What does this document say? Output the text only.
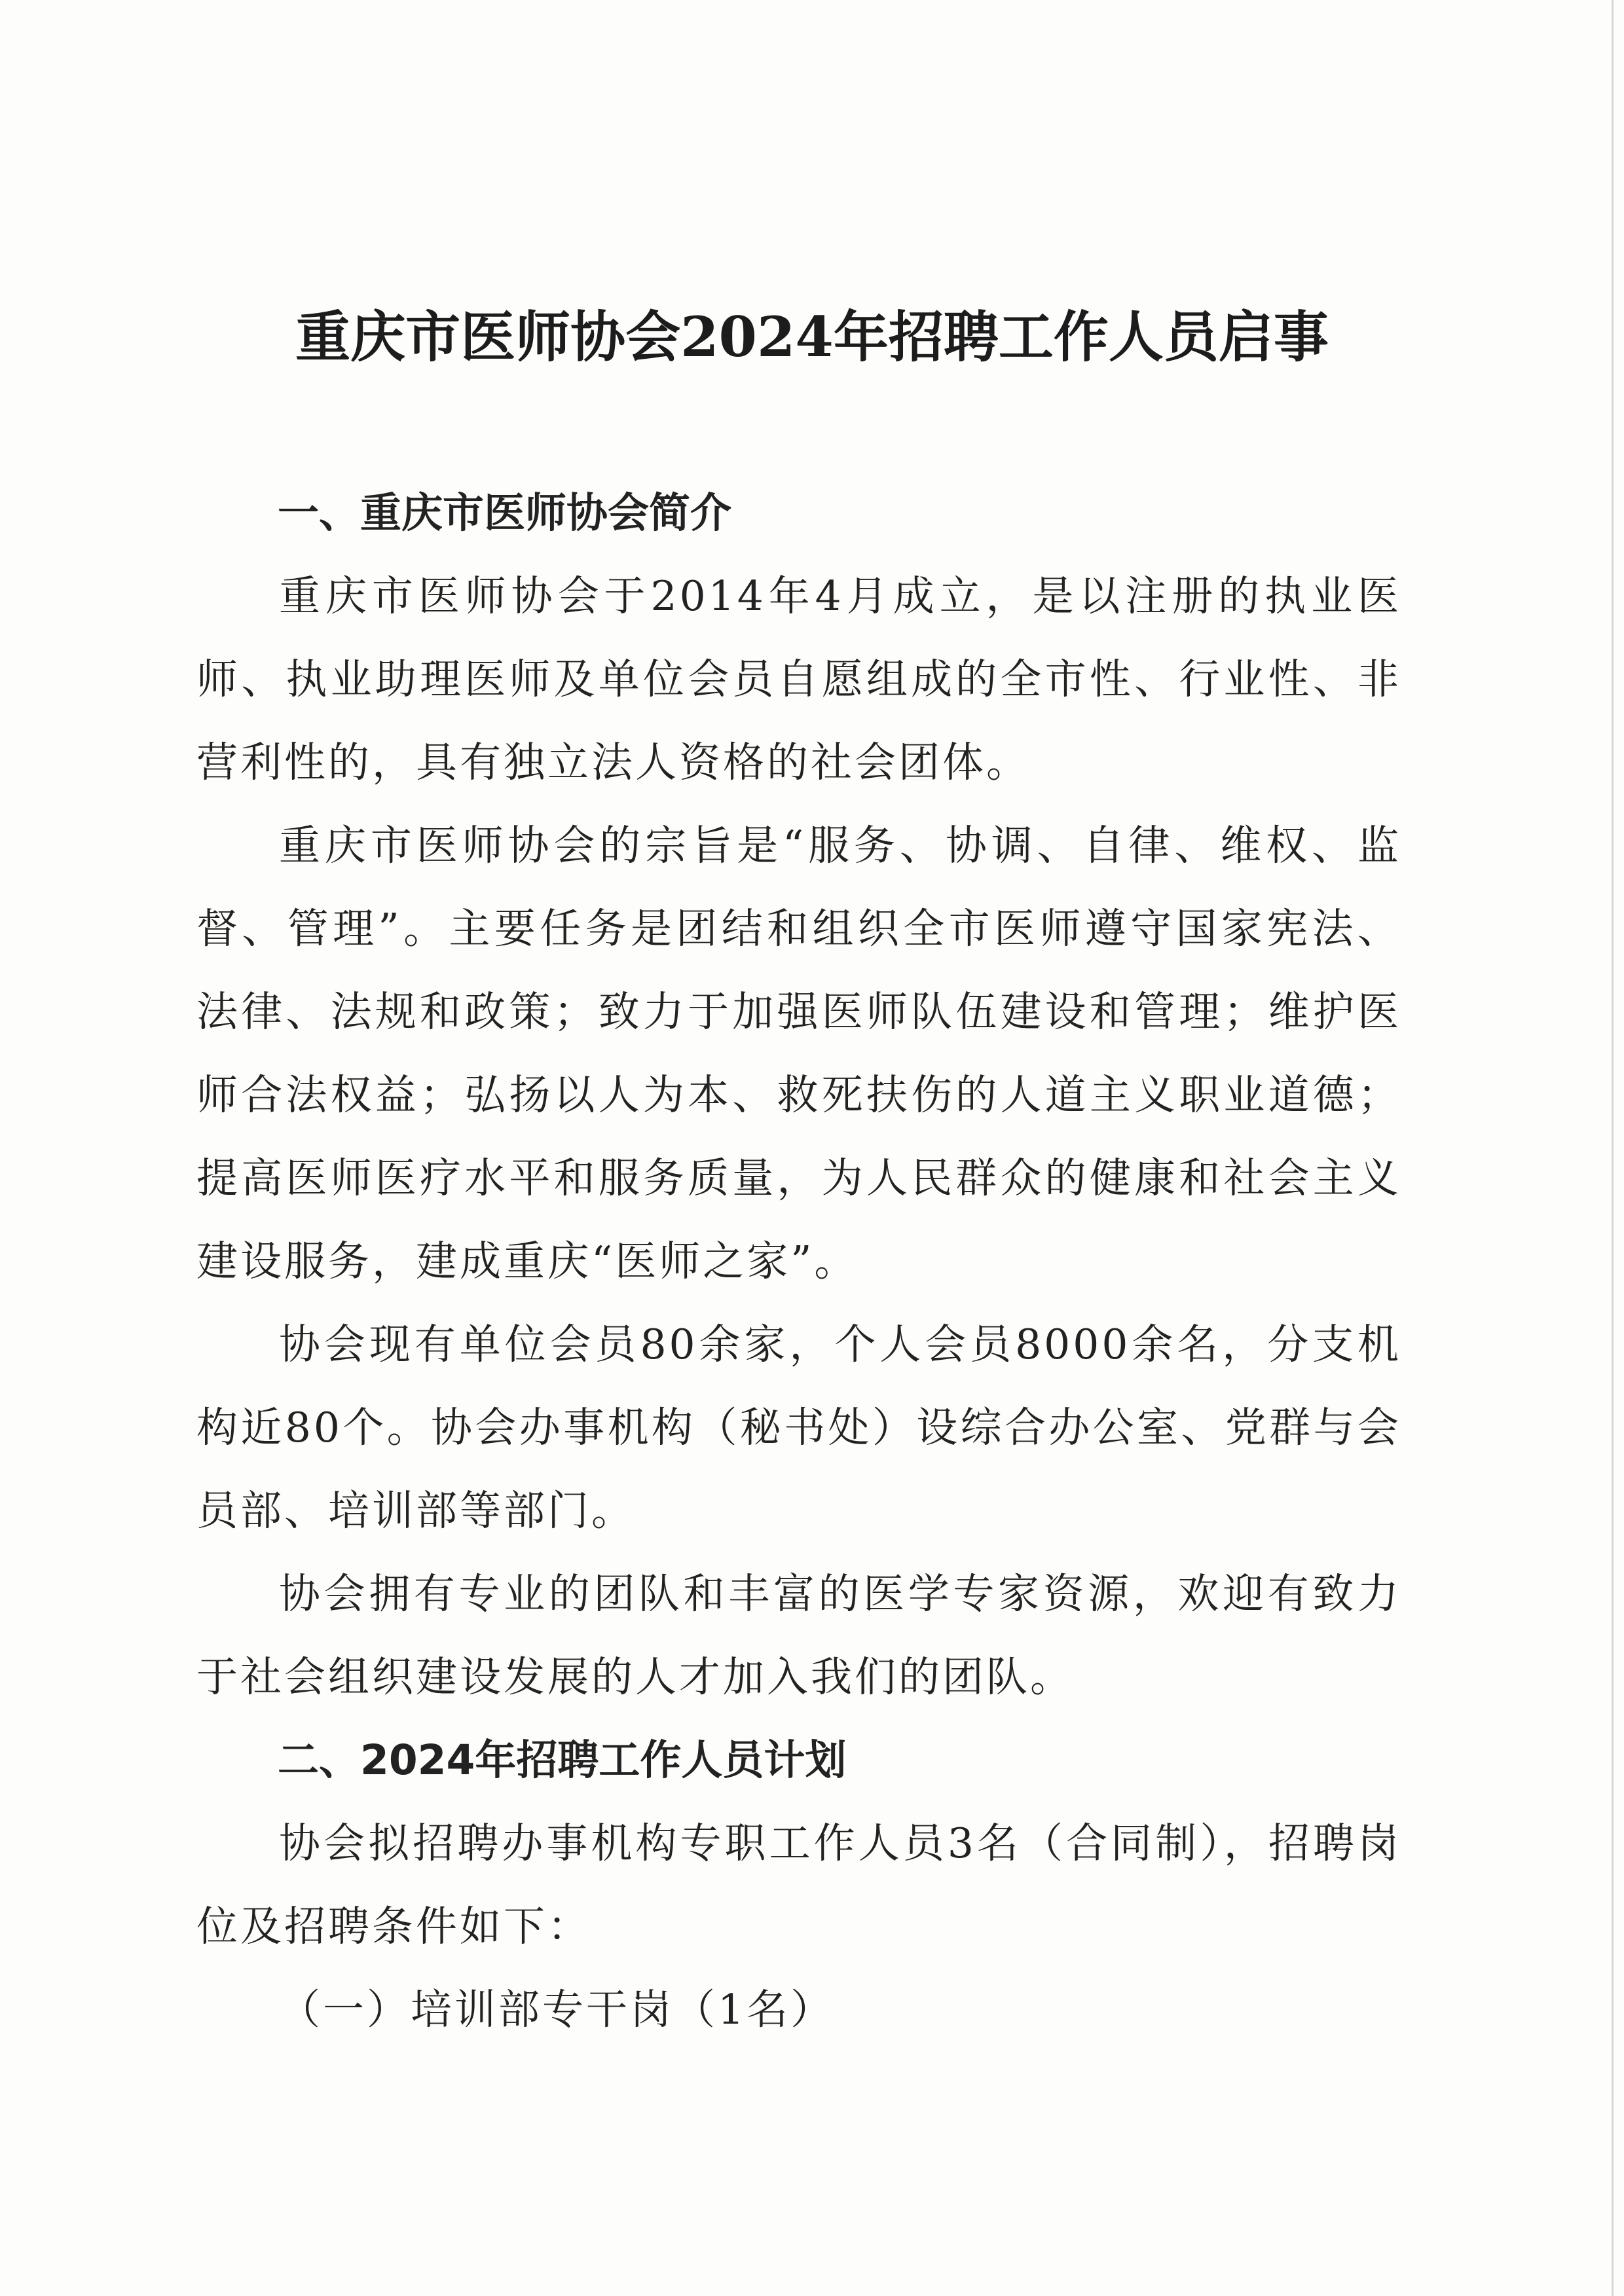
重庆市医师协会2024年招聘工作人员启事

一、重庆市医师协会简介

重庆市医师协会于2014年4月成立，是以注册的执业医师、执业助理医师及单位会员自愿组成的全市性、行业性、非营利性的，具有独立法人资格的社会团体。

重庆市医师协会的宗旨是“服务、协调、自律、维权、监督、管理”。主要任务是团结和组织全市医师遵守国家宪法、法律、法规和政策；致力于加强医师队伍建设和管理；维护医师合法权益；弘扬以人为本、救死扶伤的人道主义职业道德；提高医师医疗水平和服务质量，为人民群众的健康和社会主义建设服务，建成重庆“医师之家”。

协会现有单位会员80余家，个人会员8000余名，分支机构近80个。协会办事机构（秘书处）设综合办公室、党群与会员部、培训部等部门。

协会拥有专业的团队和丰富的医学专家资源，欢迎有致力于社会组织建设发展的人才加入我们的团队。

二、2024年招聘工作人员计划

协会拟招聘办事机构专职工作人员3名（合同制），招聘岗位及招聘条件如下：

（一）培训部专干岗（1名）
